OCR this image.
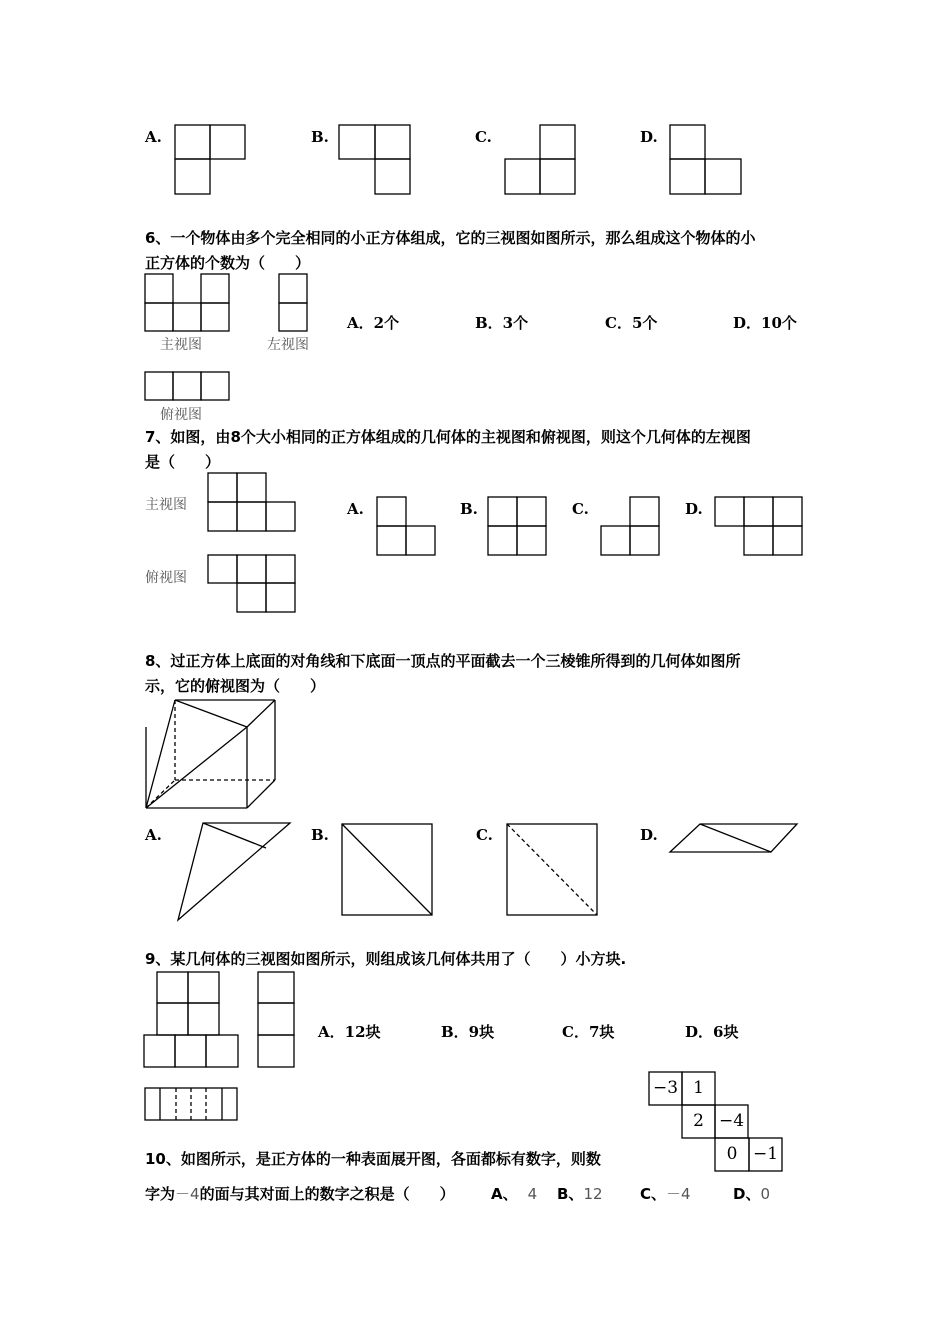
A.	B.	C.	D.
6、一个物体由多个完全相同的小正方体组成，它的三视图如图所示，那么组成这个物体的小
正方体的个数为（　　）
主视图	左视图
俯视图
A．2个	B．3个	C．5个	D．10个
7、如图，由8个大小相同的正方体组成的几何体的主视图和俯视图，则这个几何体的左视图
是（　　）
主视图
俯视图
A.	B.	C.	D.
8、过正方体上底面的对角线和下底面一顶点的平面截去一个三棱锥所得到的几何体如图所
示，它的俯视图为（　　）
A.	B.	C.	D.
9、某几何体的三视图如图所示，则组成该几何体共用了（　　）小方块.
A．12块	B．9块	C．7块	D．6块
−3 1
2 −4
0 −1
10、如图所示，是正方体的一种表面展开图，各面都标有数字，则数
字为－4的面与其对面上的数字之积是（　　） A、 4 B、12 C、－4	D、0
